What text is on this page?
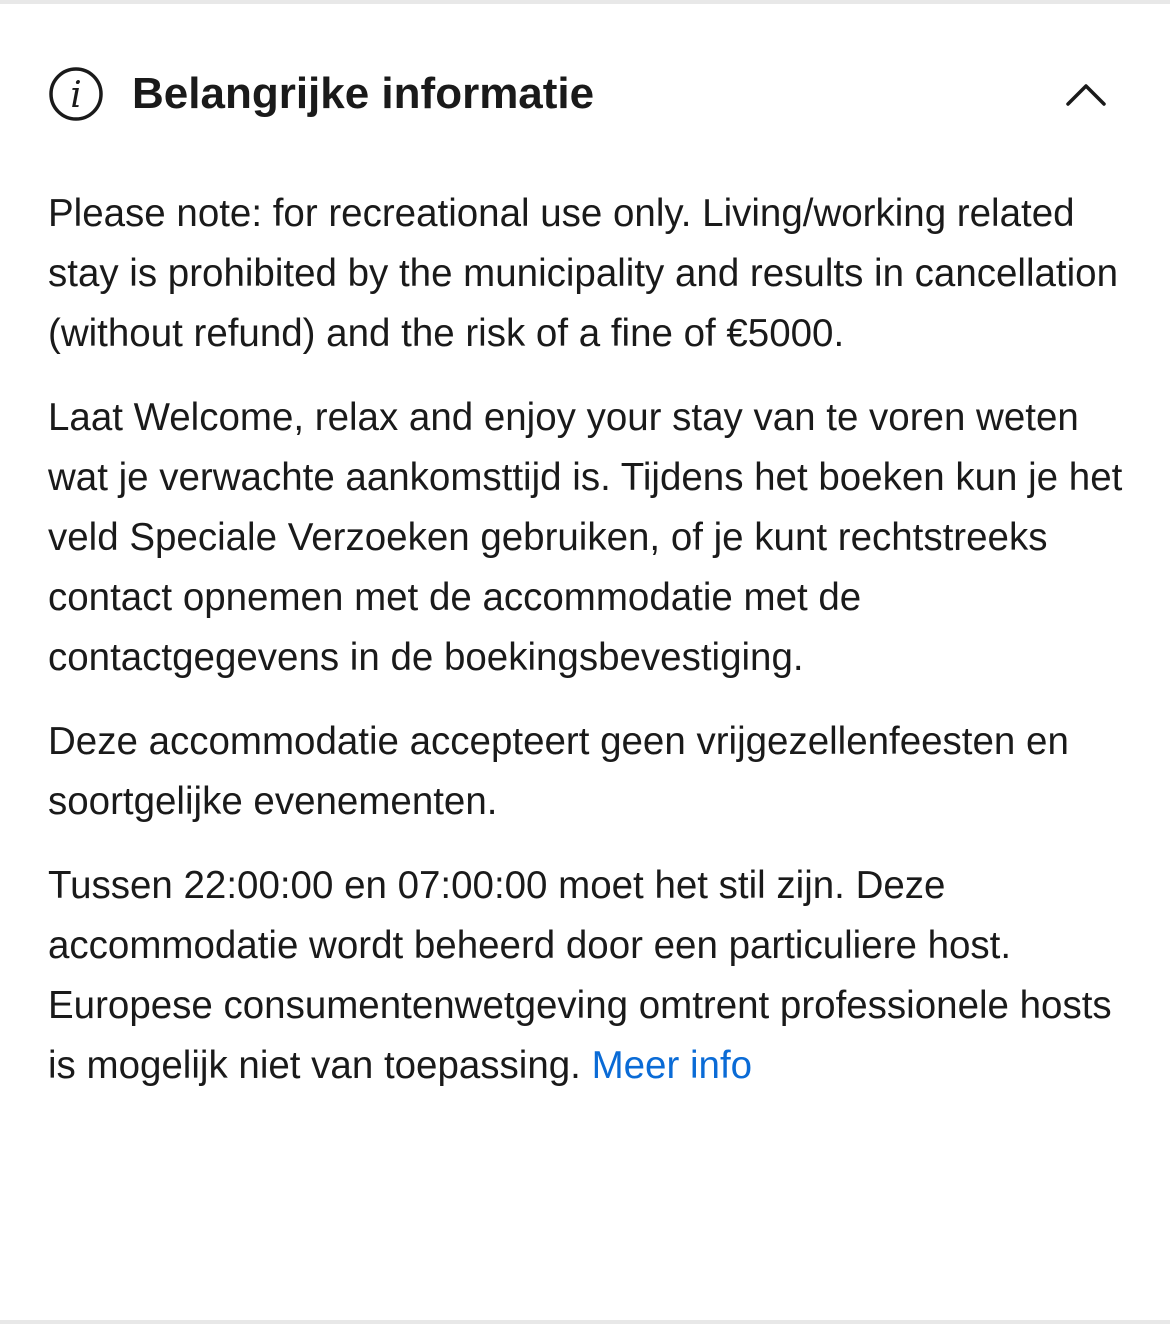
i Belangrijke informatie

Please note: for recreational use only. Living/working related stay is prohibited by the municipality and results in cancellation (without refund) and the risk of a fine of €5000.

Laat Welcome, relax and enjoy your stay van te voren weten wat je verwachte aankomsttijd is. Tijdens het boeken kun je het veld Speciale Verzoeken gebruiken, of je kunt rechtstreeks contact opnemen met de accommodatie met de contactgegevens in de boekingsbevestiging.

Deze accommodatie accepteert geen vrijgezellenfeesten en soortgelijke evenementen.

Tussen 22:00:00 en 07:00:00 moet het stil zijn. Deze accommodatie wordt beheerd door een particuliere host. Europese consumentenwetgeving omtrent professionele hosts is mogelijk niet van toepassing. Meer info
